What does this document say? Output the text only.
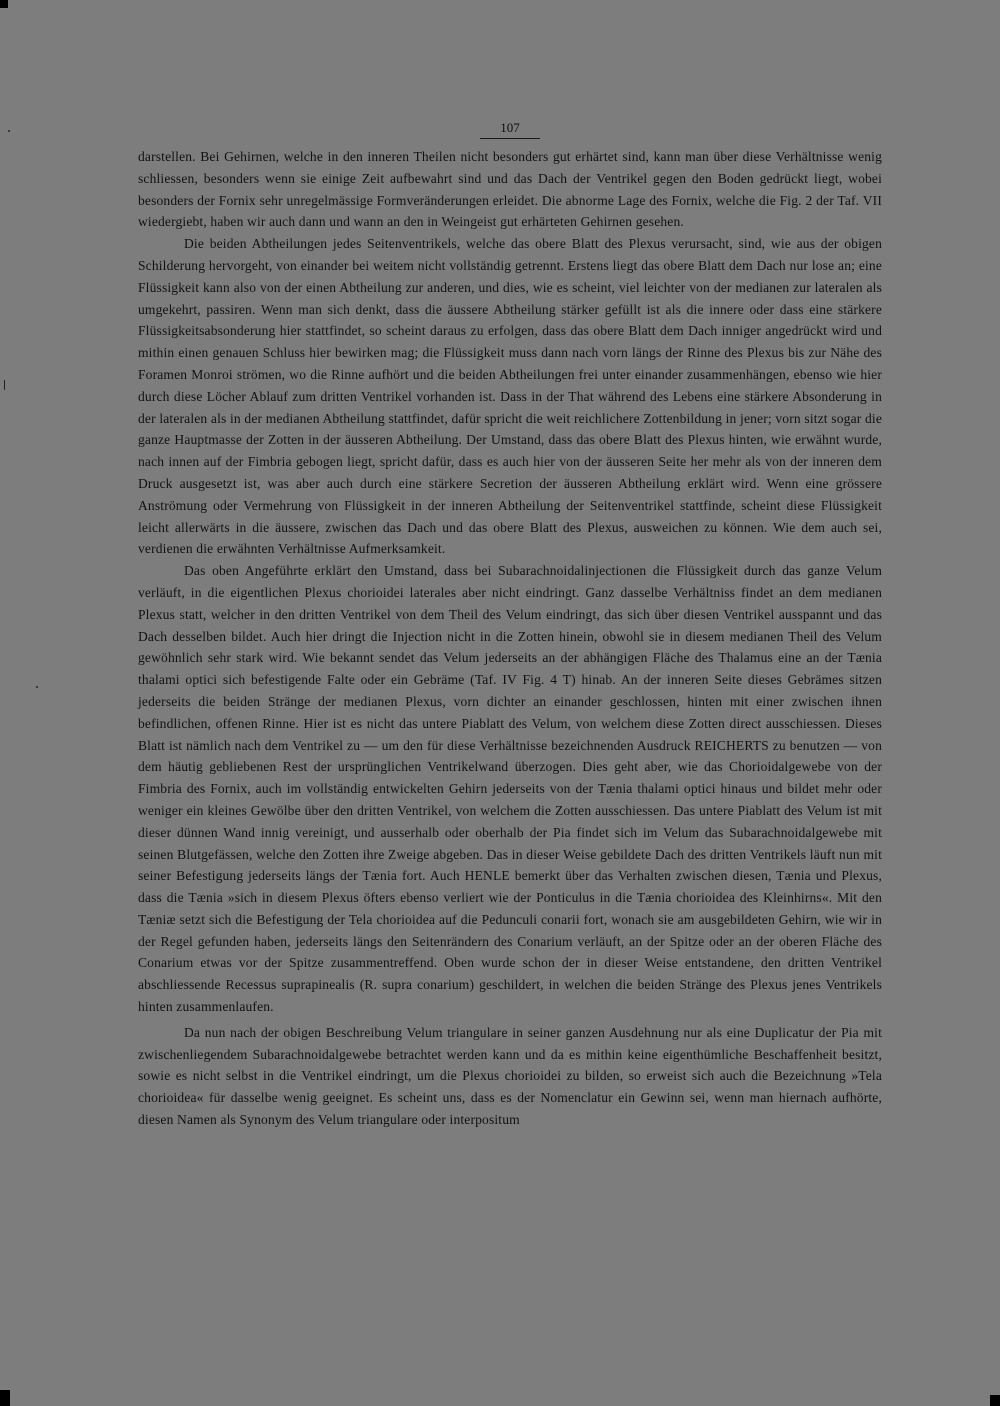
107

darstellen. Bei Gehirnen, welche in den inneren Theilen nicht besonders gut erhärtet sind, kann man über diese Verhältnisse wenig schliessen, besonders wenn sie einige Zeit aufbewahrt sind und das Dach der Ventrikel gegen den Boden gedrückt liegt, wobei besonders der Fornix sehr unregelmässige Formveränderungen erleidet. Die abnorme Lage des Fornix, welche die Fig. 2 der Taf. VII wiedergiebt, haben wir auch dann und wann an den in Weingeist gut erhärteten Gehirnen gesehen.

Die beiden Abtheilungen jedes Seitenventrikels, welche das obere Blatt des Plexus verursacht, sind, wie aus der obigen Schilderung hervorgeht, von einander bei weitem nicht vollständig getrennt. Erstens liegt das obere Blatt dem Dach nur lose an; eine Flüssigkeit kann also von der einen Abtheilung zur anderen, und dies, wie es scheint, viel leichter von der medianen zur lateralen als umgekehrt, passiren. Wenn man sich denkt, dass die äussere Abtheilung stärker gefüllt ist als die innere oder dass eine stärkere Flüssigkeitsabsonderung hier stattfindet, so scheint daraus zu erfolgen, dass das obere Blatt dem Dach inniger angedrückt wird und mithin einen genauen Schluss hier bewirken mag; die Flüssigkeit muss dann nach vorn längs der Rinne des Plexus bis zur Nähe des Foramen Monroi strömen, wo die Rinne aufhört und die beiden Abtheilungen frei unter einander zusammenhängen, ebenso wie hier durch diese Löcher Ablauf zum dritten Ventrikel vorhanden ist. Dass in der That während des Lebens eine stärkere Absonderung in der lateralen als in der medianen Abtheilung stattfindet, dafür spricht die weit reichlichere Zottenbildung in jener; vorn sitzt sogar die ganze Hauptmasse der Zotten in der äusseren Abtheilung. Der Umstand, dass das obere Blatt des Plexus hinten, wie erwähnt wurde, nach innen auf der Fimbria gebogen liegt, spricht dafür, dass es auch hier von der äusseren Seite her mehr als von der inneren dem Druck ausgesetzt ist, was aber auch durch eine stärkere Secretion der äusseren Abtheilung erklärt wird. Wenn eine grössere Anströmung oder Vermehrung von Flüssigkeit in der inneren Abtheilung der Seitenventrikel stattfinde, scheint diese Flüssigkeit leicht allerwärts in die äussere, zwischen das Dach und das obere Blatt des Plexus, ausweichen zu können. Wie dem auch sei, verdienen die erwähnten Verhältnisse Aufmerksamkeit.

Das oben Angeführte erklärt den Umstand, dass bei Subarachnoidalinjectionen die Flüssigkeit durch das ganze Velum verläuft, in die eigentlichen Plexus chorioidei laterales aber nicht eindringt. Ganz dasselbe Verhältniss findet an dem medianen Plexus statt, welcher in den dritten Ventrikel von dem Theil des Velum eindringt, das sich über diesen Ventrikel ausspannt und das Dach desselben bildet. Auch hier dringt die Injection nicht in die Zotten hinein, obwohl sie in diesem medianen Theil des Velum gewöhnlich sehr stark wird. Wie bekannt sendet das Velum jederseits an der abhängigen Fläche des Thalamus eine an der Tænia thalami optici sich befestigende Falte oder ein Gebräme (Taf. IV Fig. 4 T) hinab. An der inneren Seite dieses Gebrämes sitzen jederseits die beiden Stränge der medianen Plexus, vorn dichter an einander geschlossen, hinten mit einer zwischen ihnen befindlichen, offenen Rinne. Hier ist es nicht das untere Piablatt des Velum, von welchem diese Zotten direct ausschiessen. Dieses Blatt ist nämlich nach dem Ventrikel zu — um den für diese Verhältnisse bezeichnenden Ausdruck REICHERTS zu benutzen — von dem häutig gebliebenen Rest der ursprünglichen Ventrikelwand überzogen. Dies geht aber, wie das Chorioidalgewebe von der Fimbria des Fornix, auch im vollständig entwickelten Gehirn jederseits von der Tænia thalami optici hinaus und bildet mehr oder weniger ein kleines Gewölbe über den dritten Ventrikel, von welchem die Zotten ausschiessen. Das untere Piablatt des Velum ist mit dieser dünnen Wand innig vereinigt, und ausserhalb oder oberhalb der Pia findet sich im Velum das Subarachnoidalgewebe mit seinen Blutgefässen, welche den Zotten ihre Zweige abgeben. Das in dieser Weise gebildete Dach des dritten Ventrikels läuft nun mit seiner Befestigung jederseits längs der Tænia fort. Auch HENLE bemerkt über das Verhalten zwischen diesen, Tænia und Plexus, dass die Tænia »sich in diesem Plexus öfters ebenso verliert wie der Ponticulus in die Tænia chorioidea des Kleinhirns«. Mit den Tæniæ setzt sich die Befestigung der Tela chorioidea auf die Pedunculi conarii fort, wonach sie am ausgebildeten Gehirn, wie wir in der Regel gefunden haben, jederseits längs den Seitenrändern des Conarium verläuft, an der Spitze oder an der oberen Fläche des Conarium etwas vor der Spitze zusammentreffend. Oben wurde schon der in dieser Weise entstandene, den dritten Ventrikel abschliessende Recessus suprapinealis (R. supra conarium) geschildert, in welchen die beiden Stränge des Plexus jenes Ventrikels hinten zusammenlaufen.

Da nun nach der obigen Beschreibung Velum triangulare in seiner ganzen Ausdehnung nur als eine Duplicatur der Pia mit zwischenliegendem Subarachnoidalgewebe betrachtet werden kann und da es mithin keine eigenthümliche Beschaffenheit besitzt, sowie es nicht selbst in die Ventrikel eindringt, um die Plexus chorioidei zu bilden, so erweist sich auch die Bezeichnung »Tela chorioidea« für dasselbe wenig geeignet. Es scheint uns, dass es der Nomenclatur ein Gewinn sei, wenn man hiernach aufhörte, diesen Namen als Synonym des Velum triangulare oder interpositum
